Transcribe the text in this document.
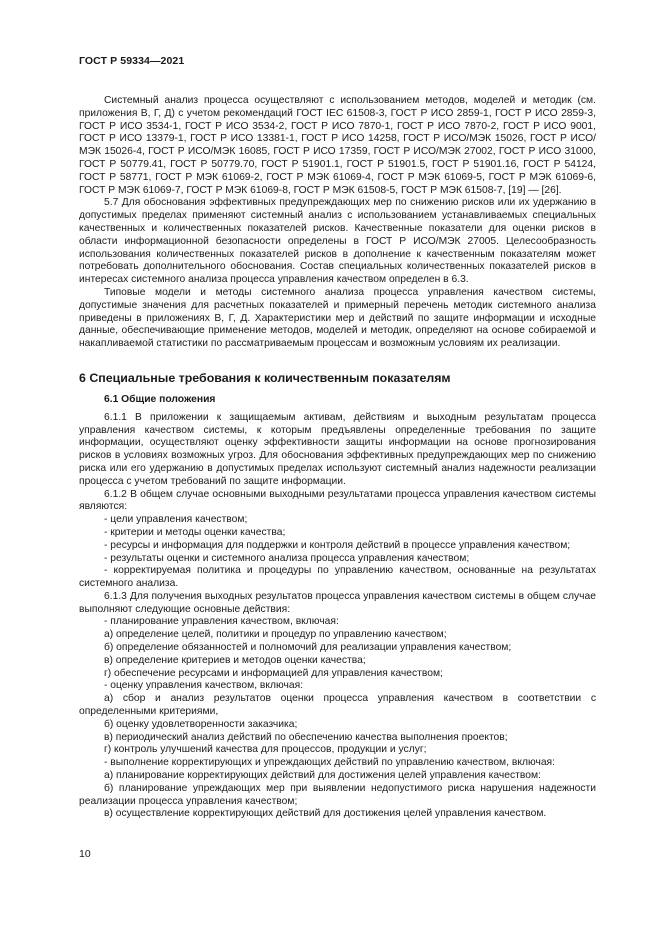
ГОСТ Р 59334—2021

Системный анализ процесса осуществляют с использованием методов, моделей и методик (см. приложения В, Г, Д) с учетом рекомендаций ГОСТ IEC 61508-3, ГОСТ Р ИСО 2859-1, ГОСТ Р ИСО 2859-3, ГОСТ Р ИСО 3534-1, ГОСТ Р ИСО 3534-2, ГОСТ Р ИСО 7870-1, ГОСТ Р ИСО 7870-2, ГОСТ Р ИСО 9001, ГОСТ Р ИСО 13379-1, ГОСТ Р ИСО 13381-1, ГОСТ Р ИСО 14258, ГОСТ Р ИСО/МЭК 15026, ГОСТ Р ИСО/МЭК 15026-4, ГОСТ Р ИСО/МЭК 16085, ГОСТ Р ИСО 17359, ГОСТ Р ИСО/МЭК 27002, ГОСТ Р ИСО 31000, ГОСТ Р 50779.41, ГОСТ Р 50779.70, ГОСТ Р 51901.1, ГОСТ Р 51901.5, ГОСТ Р 51901.16, ГОСТ Р 54124, ГОСТ Р 58771, ГОСТ Р МЭК 61069-2, ГОСТ Р МЭК 61069-4, ГОСТ Р МЭК 61069-5, ГОСТ Р МЭК 61069-6, ГОСТ Р МЭК 61069-7, ГОСТ Р МЭК 61069-8, ГОСТ Р МЭК 61508-5, ГОСТ Р МЭК 61508-7, [19] — [26].

5.7 Для обоснования эффективных предупреждающих мер по снижению рисков или их удержанию в допустимых пределах применяют системный анализ с использованием устанавливаемых специальных качественных и количественных показателей рисков. Качественные показатели для оценки рисков в области информационной безопасности определены в ГОСТ Р ИСО/МЭК 27005. Целесообразность использования количественных показателей рисков в дополнение к качественным показателям может потребовать дополнительного обоснования. Состав специальных количественных показателей рисков в интересах системного анализа процесса управления качеством определен в 6.3.

Типовые модели и методы системного анализа процесса управления качеством системы, допустимые значения для расчетных показателей и примерный перечень методик системного анализа приведены в приложениях В, Г, Д. Характеристики мер и действий по защите информации и исходные данные, обеспечивающие применение методов, моделей и методик, определяют на основе собираемой и накапливаемой статистики по рассматриваемым процессам и возможным условиям их реализации.

6 Специальные требования к количественным показателям
6.1 Общие положения

6.1.1 В приложении к защищаемым активам, действиям и выходным результатам процесса управления качеством системы, к которым предъявлены определенные требования по защите информации, осуществляют оценку эффективности защиты информации на основе прогнозирования рисков в условиях возможных угроз. Для обоснования эффективных предупреждающих мер по снижению риска или его удержанию в допустимых пределах используют системный анализ надежности реализации процесса с учетом требований по защите информации.

6.1.2 В общем случае основными выходными результатами процесса управления качеством системы являются:

- цели управления качеством;

- критерии и методы оценки качества;

- ресурсы и информация для поддержки и контроля действий в процессе управления качеством;

- результаты оценки и системного анализа процесса управления качеством;

- корректируемая политика и процедуры по управлению качеством, основанные на результатах системного анализа.

6.1.3 Для получения выходных результатов процесса управления качеством системы в общем случае выполняют следующие основные действия:

- планирование управления качеством, включая:

а) определение целей, политики и процедур по управлению качеством;

б) определение обязанностей и полномочий для реализации управления качеством;

в) определение критериев и методов оценки качества;

г) обеспечение ресурсами и информацией для управления качеством;

- оценку управления качеством, включая:

а) сбор и анализ результатов оценки процесса управления качеством в соответствии с определенными критериями,

б) оценку удовлетворенности заказчика;

в) периодический анализ действий по обеспечению качества выполнения проектов;

г) контроль улучшений качества для процессов, продукции и услуг;

- выполнение корректирующих и упреждающих действий по управлению качеством, включая:

а) планирование корректирующих действий для достижения целей управления качеством:

б) планирование упреждающих мер при выявлении недопустимого риска нарушения надежности реализации процесса управления качеством;

в) осуществление корректирующих действий для достижения целей управления качеством.

10
